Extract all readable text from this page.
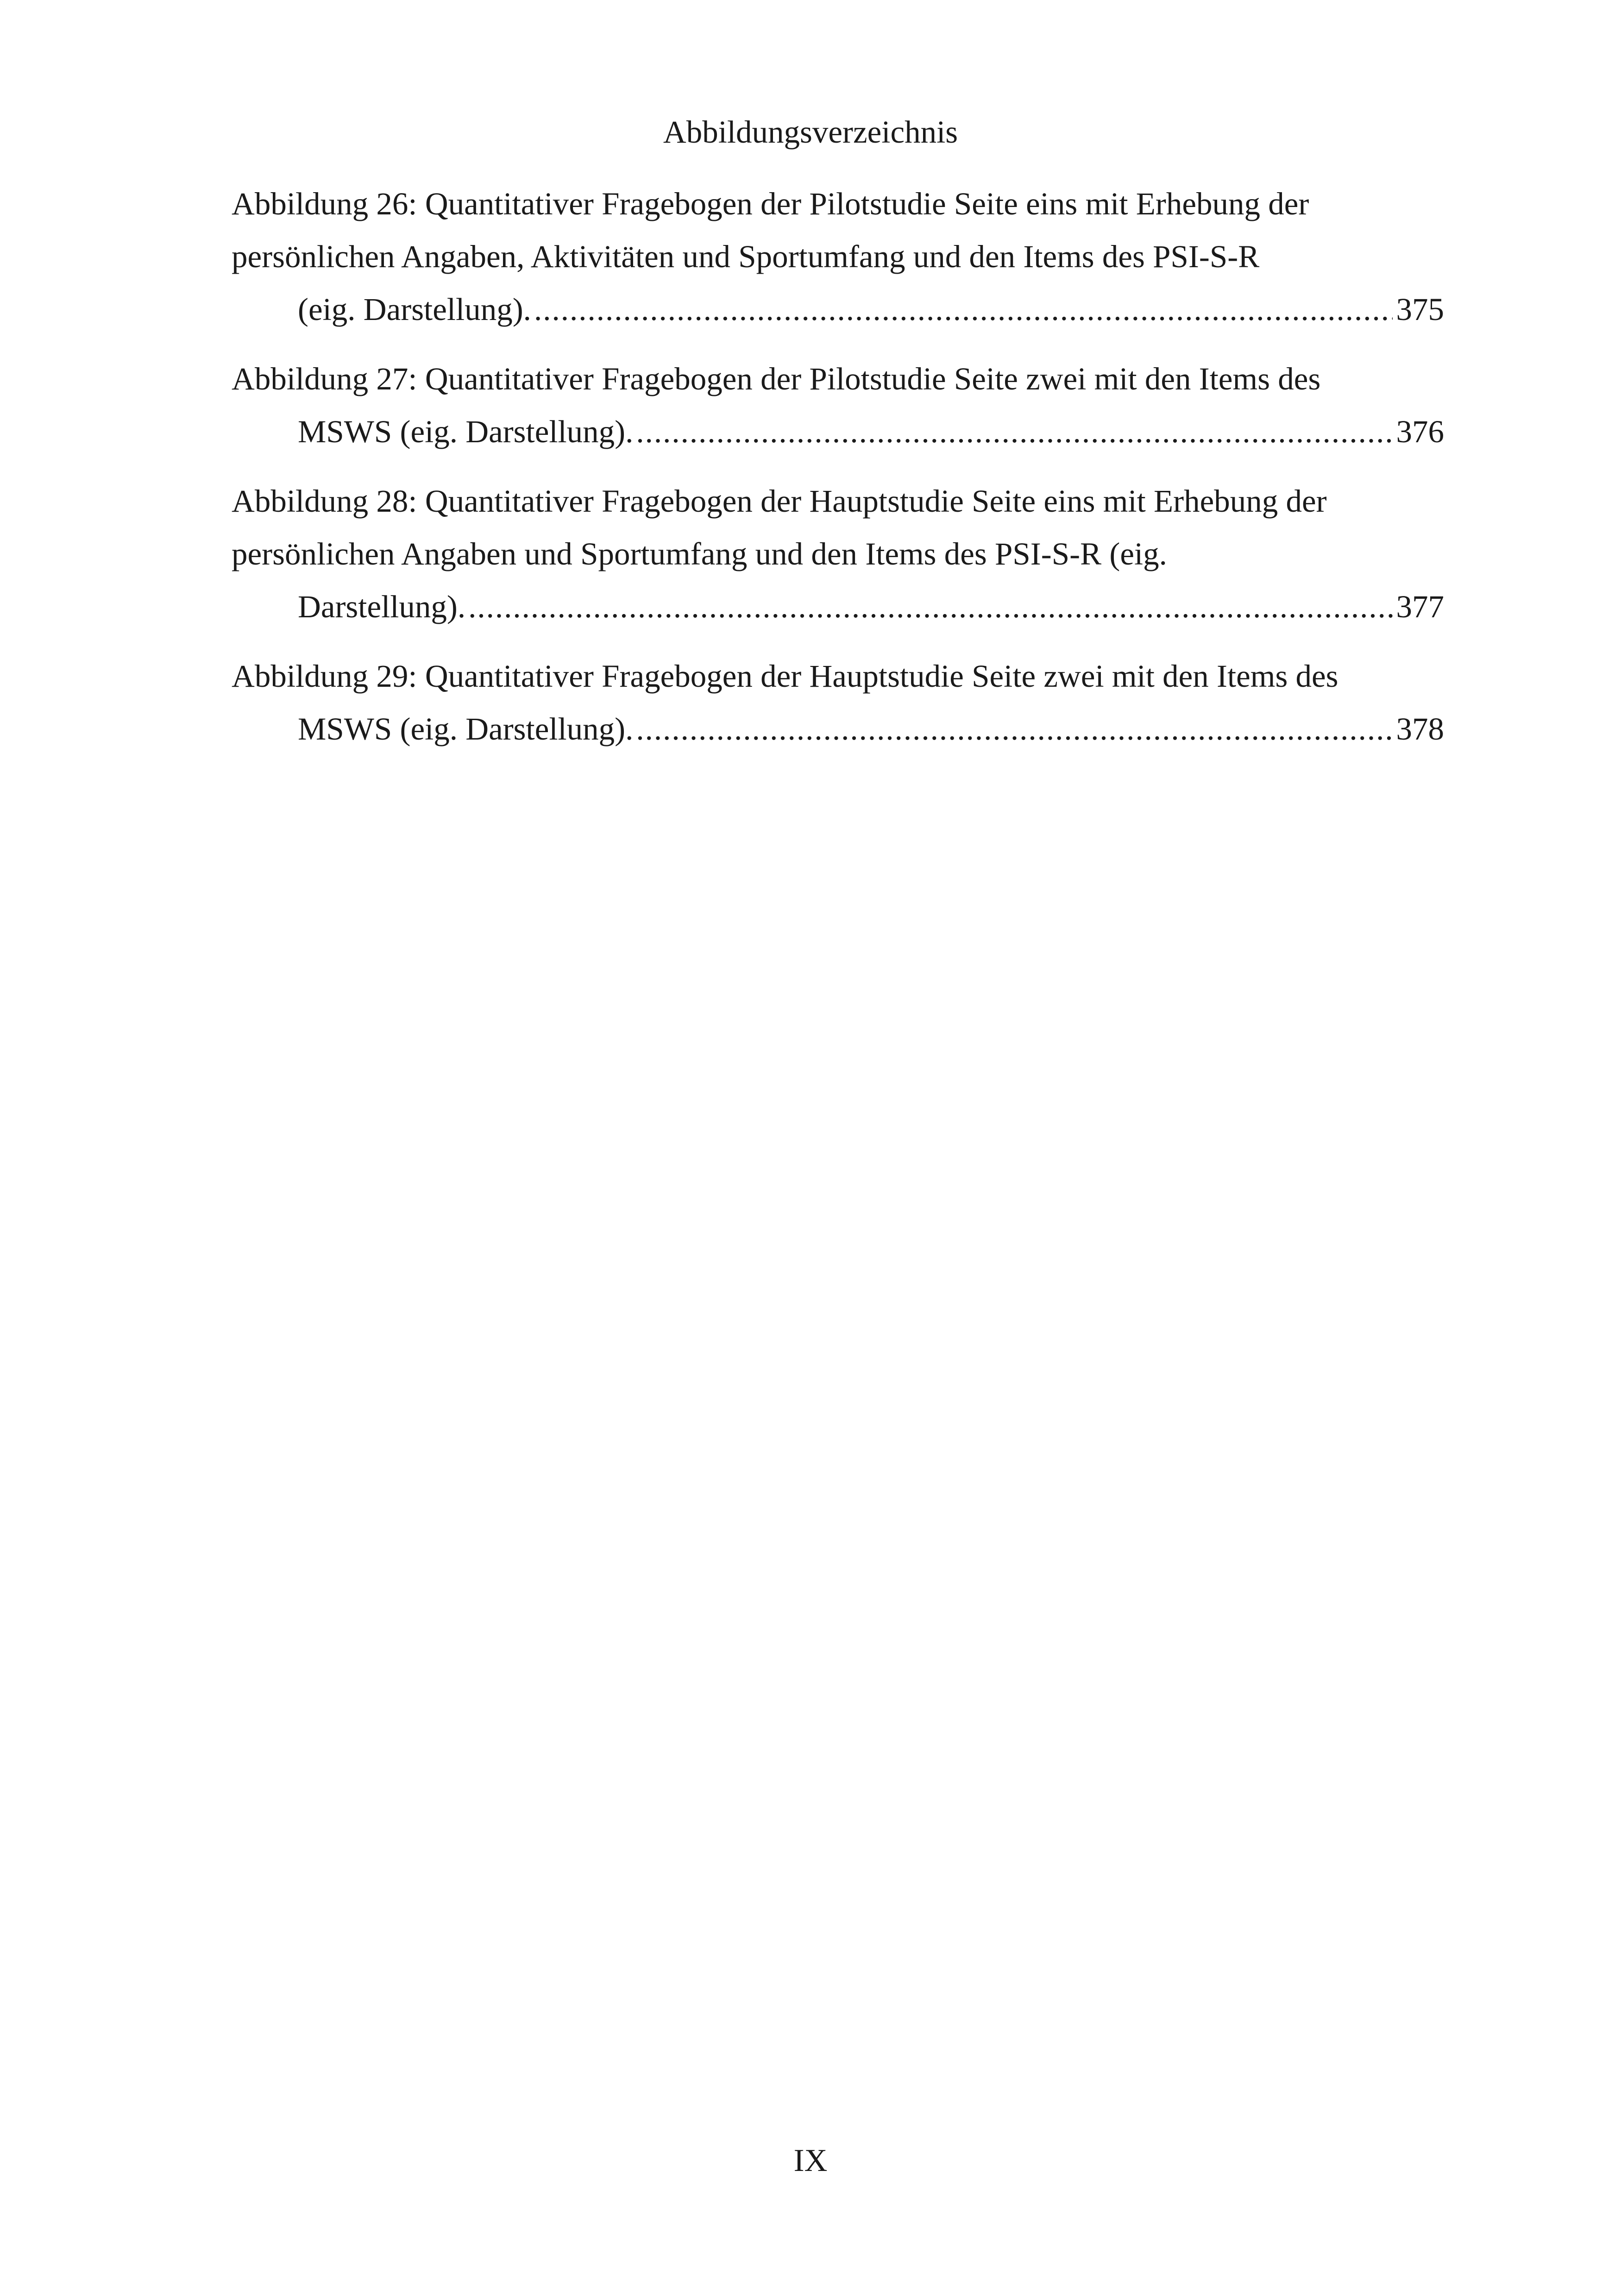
Abbildungsverzeichnis
Abbildung 26: Quantitativer Fragebogen der Pilotstudie Seite eins mit Erhebung der
persönlichen Angaben, Aktivitäten und Sportumfang und den Items des PSI-S-R
(eig. Darstellung). .....	375
Abbildung 27: Quantitativer Fragebogen der Pilotstudie Seite zwei mit den Items des
MSWS (eig. Darstellung). .....	376
Abbildung 28: Quantitativer Fragebogen der Hauptstudie Seite eins mit Erhebung der
persönlichen Angaben und Sportumfang und den Items des PSI-S-R (eig.
Darstellung). .....	377
Abbildung 29: Quantitativer Fragebogen der Hauptstudie Seite zwei mit den Items des
MSWS (eig. Darstellung). .....	378
IX
